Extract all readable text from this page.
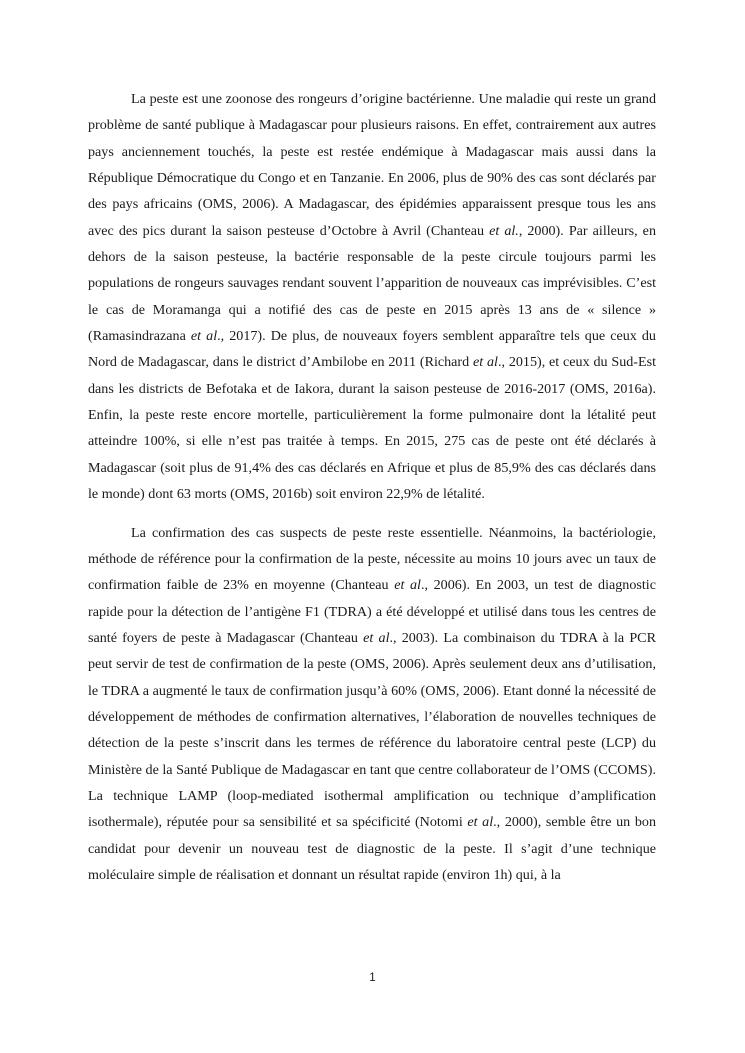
La peste est une zoonose des rongeurs d’origine bactérienne. Une maladie qui reste un grand problème de santé publique à Madagascar pour plusieurs raisons. En effet, contrairement aux autres pays anciennement touchés, la peste est restée endémique à Madagascar mais aussi dans la République Démocratique du Congo et en Tanzanie. En 2006, plus de 90% des cas sont déclarés par des pays africains (OMS, 2006). A Madagascar, des épidémies apparaissent presque tous les ans avec des pics durant la saison pesteuse d’Octobre à Avril (Chanteau et al., 2000). Par ailleurs, en dehors de la saison pesteuse, la bactérie responsable de la peste circule toujours parmi les populations de rongeurs sauvages rendant souvent l’apparition de nouveaux cas imprévisibles. C’est le cas de Moramanga qui a notifié des cas de peste en 2015 après 13 ans de « silence » (Ramasindrazana et al., 2017). De plus, de nouveaux foyers semblent apparaître tels que ceux du Nord de Madagascar, dans le district d’Ambilobe en 2011 (Richard et al., 2015), et ceux du Sud-Est dans les districts de Befotaka et de Iakora, durant la saison pesteuse de 2016-2017 (OMS, 2016a). Enfin, la peste reste encore mortelle, particulièrement la forme pulmonaire dont la létalité peut atteindre 100%, si elle n’est pas traitée à temps. En 2015, 275 cas de peste ont été déclarés à Madagascar (soit plus de 91,4% des cas déclarés en Afrique et plus de 85,9% des cas déclarés dans le monde) dont 63 morts (OMS, 2016b) soit environ 22,9% de létalité.

La confirmation des cas suspects de peste reste essentielle. Néanmoins, la bactériologie, méthode de référence pour la confirmation de la peste, nécessite au moins 10 jours avec un taux de confirmation faible de 23% en moyenne (Chanteau et al., 2006). En 2003, un test de diagnostic rapide pour la détection de l’antigène F1 (TDRA) a été développé et utilisé dans tous les centres de santé foyers de peste à Madagascar (Chanteau et al., 2003). La combinaison du TDRA à la PCR peut servir de test de confirmation de la peste (OMS, 2006). Après seulement deux ans d’utilisation, le TDRA a augmenté le taux de confirmation jusqu’à 60% (OMS, 2006). Etant donné la nécessité de développement de méthodes de confirmation alternatives, l’élaboration de nouvelles techniques de détection de la peste s’inscrit dans les termes de référence du laboratoire central peste (LCP) du Ministère de la Santé Publique de Madagascar en tant que centre collaborateur de l’OMS (CCOMS). La technique LAMP (loop-mediated isothermal amplification ou technique d’amplification isothermale), réputée pour sa sensibilité et sa spécificité (Notomi et al., 2000), semble être un bon candidat pour devenir un nouveau test de diagnostic de la peste. Il s’agit d’une technique moléculaire simple de réalisation et donnant un résultat rapide (environ 1h) qui, à la

1
